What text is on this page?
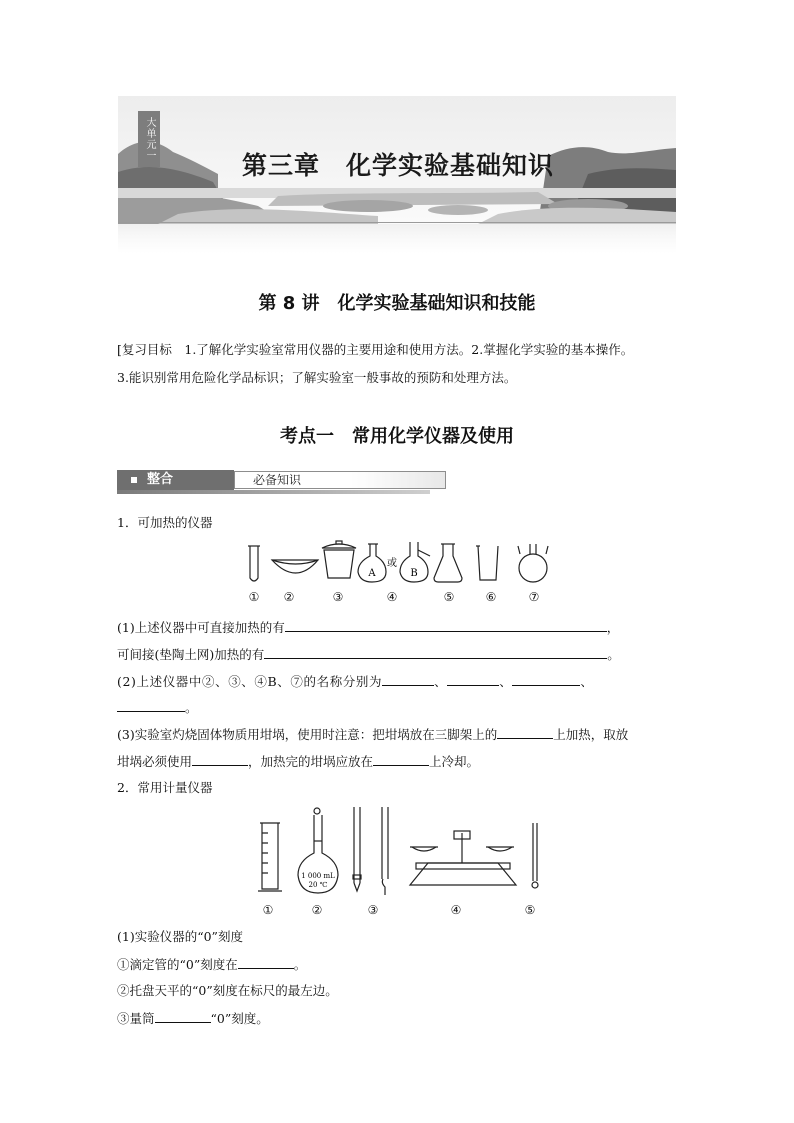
大单元一
第三章　化学实验基础知识
第 8 讲　化学实验基础知识和技能
[复习目标　1.了解化学实验室常用仪器的主要用途和使用方法。2.掌握化学实验的基本操作。
3.能识别常用危险化学品标识；了解实验室一般事故的预防和处理方法。
考点一　常用化学仪器及使用
整合	必备知识
1．可加热的仪器
A
或
B
①	②	③	④	⑤	⑥	⑦
(1)上述仪器中可直接加热的有	，
可间接(垫陶土网)加热的有	。
(2)上述仪器中②、③、④B、⑦的名称分别为	、	、	、
。
(3)实验室灼烧固体物质用坩埚，使用时注意：把坩埚放在三脚架上的	上加热，取放
坩埚必须使用	，加热完的坩埚应放在	上冷却。
2．常用计量仪器
1 000 mL
20 ℃
①	②	③	④	⑤
(1)实验仪器的“0”刻度
①滴定管的“0”刻度在	。
②托盘天平的“0”刻度在标尺的最左边。
③量筒	“0”刻度。
